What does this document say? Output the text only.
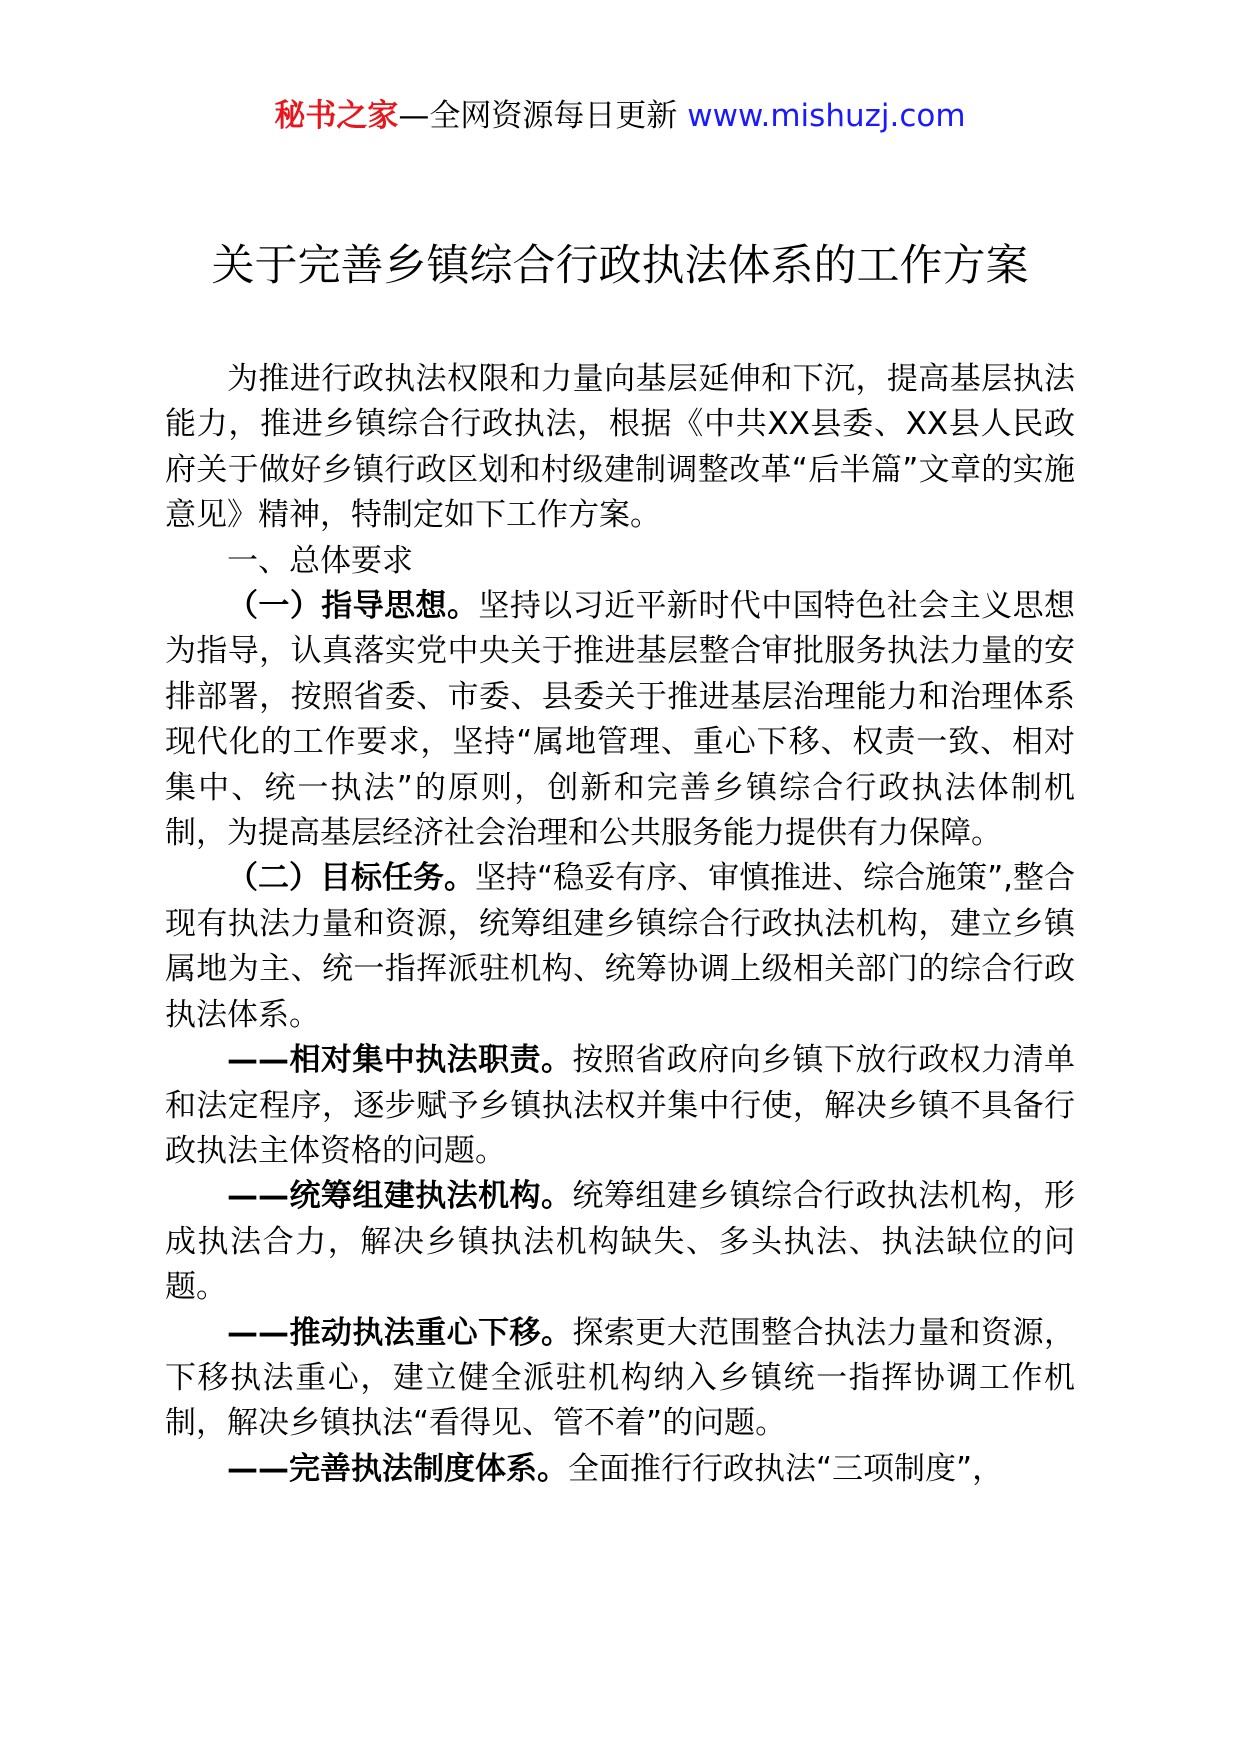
秘书之家—全网资源每日更新 www.mishuzj.com
关于完善乡镇综合行政执法体系的工作方案

为推进行政执法权限和力量向基层延伸和下沉，提高基层执法能力，推进乡镇综合行政执法，根据《中共XX县委、XX县人民政府关于做好乡镇行政区划和村级建制调整改革“后半篇”文章的实施意见》精神，特制定如下工作方案。

一、总体要求

（一）指导思想。坚持以习近平新时代中国特色社会主义思想为指导，认真落实党中央关于推进基层整合审批服务执法力量的安排部署，按照省委、市委、县委关于推进基层治理能力和治理体系现代化的工作要求，坚持“属地管理、重心下移、权责一致、相对集中、统一执法”的原则，创新和完善乡镇综合行政执法体制机制，为提高基层经济社会治理和公共服务能力提供有力保障。

（二）目标任务。坚持“稳妥有序、审慎推进、综合施策”,整合现有执法力量和资源，统筹组建乡镇综合行政执法机构，建立乡镇属地为主、统一指挥派驻机构、统筹协调上级相关部门的综合行政执法体系。

——相对集中执法职责。按照省政府向乡镇下放行政权力清单和法定程序，逐步赋予乡镇执法权并集中行使，解决乡镇不具备行政执法主体资格的问题。

——统筹组建执法机构。统筹组建乡镇综合行政执法机构，形成执法合力，解决乡镇执法机构缺失、多头执法、执法缺位的问题。

——推动执法重心下移。探索更大范围整合执法力量和资源，下移执法重心，建立健全派驻机构纳入乡镇统一指挥协调工作机制，解决乡镇执法“看得见、管不着”的问题。

——完善执法制度体系。全面推行行政执法“三项制度”，
